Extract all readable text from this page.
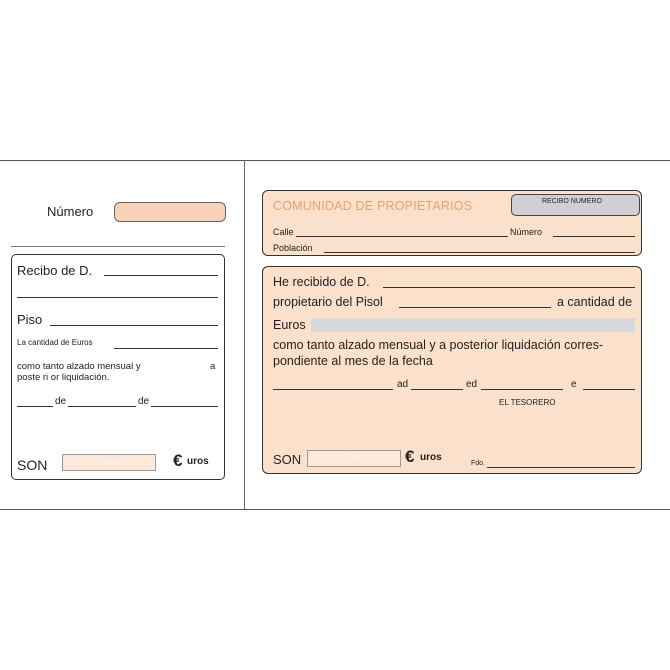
Número
Recibo de D.
Piso
La cantidad de Euros
como tanto alzado mensual y	a
poste ri or liquidación.
de	de
SON	Euros	€ uros
COMUNIDAD DE PROPIETARIOS	RECIBO NUMERO
Calle	Número
Población
He recibido de D.
propietario del Pisol	a cantidad de
Euros
como tanto alzado mensual y a posterior liquidación corres-
pondiente al mes de la fecha
ad	ed	e
EL TESORERO
SON	Euros	€ uros
Fdo.
